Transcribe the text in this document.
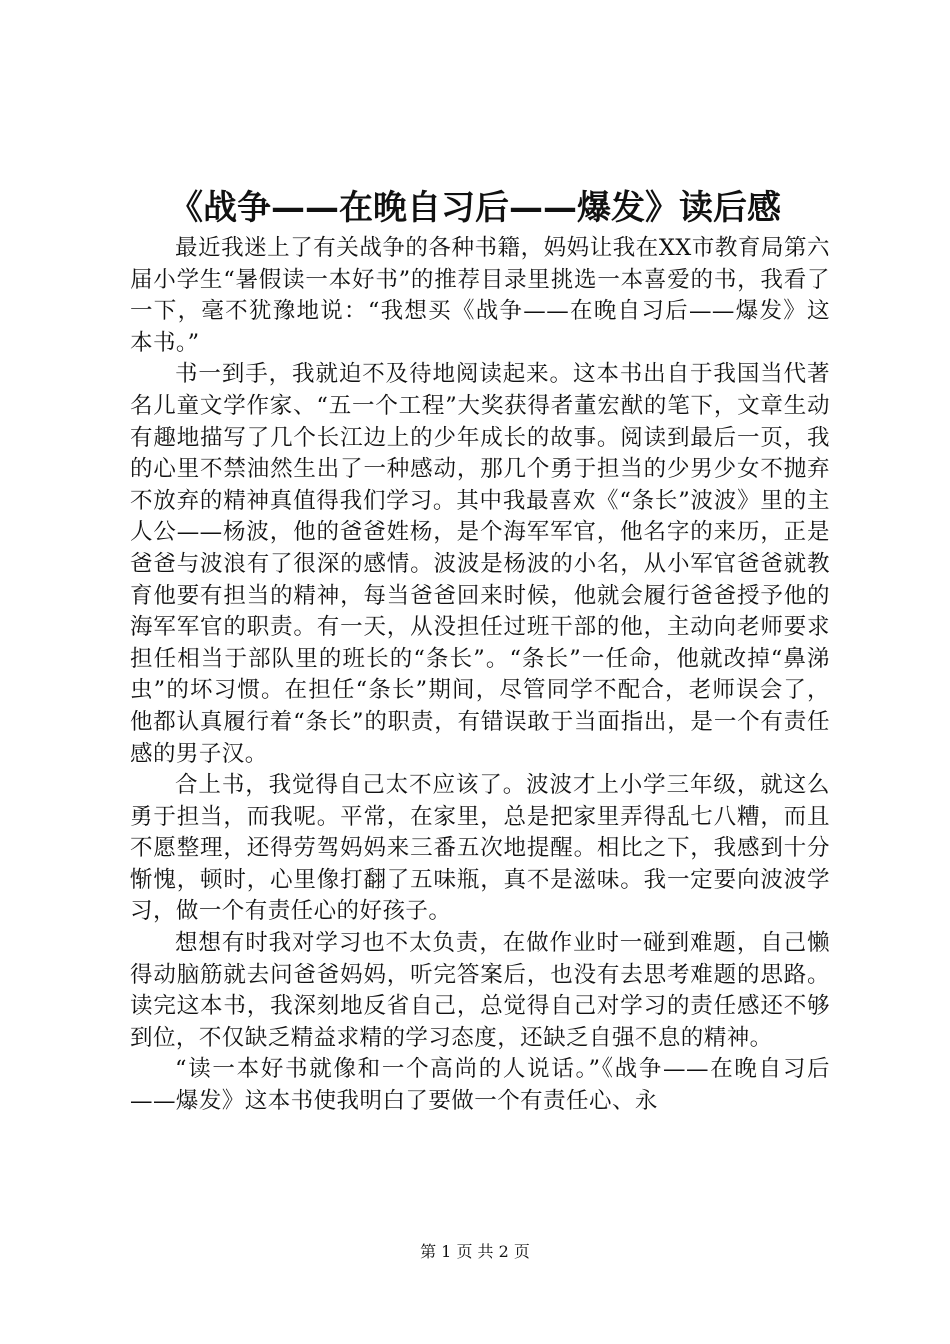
《战争——在晚自习后——爆发》读后感

最近我迷上了有关战争的各种书籍，妈妈让我在XX市教育局第六届小学生“暑假读一本好书”的推荐目录里挑选一本喜爱的书，我看了一下，毫不犹豫地说：“我想买《战争——在晚自习后——爆发》这本书。”

书一到手，我就迫不及待地阅读起来。这本书出自于我国当代著名儿童文学作家、“五一个工程”大奖获得者董宏猷的笔下，文章生动有趣地描写了几个长江边上的少年成长的故事。阅读到最后一页，我的心里不禁油然生出了一种感动，那几个勇于担当的少男少女不抛弃不放弃的精神真值得我们学习。其中我最喜欢《“条长”波波》里的主人公——杨波，他的爸爸姓杨，是个海军军官，他名字的来历，正是爸爸与波浪有了很深的感情。波波是杨波的小名，从小军官爸爸就教育他要有担当的精神，每当爸爸回来时候，他就会履行爸爸授予他的海军军官的职责。有一天，从没担任过班干部的他，主动向老师要求担任相当于部队里的班长的“条长”。“条长”一任命，他就改掉“鼻涕虫”的坏习惯。在担任“条长”期间，尽管同学不配合，老师误会了，他都认真履行着“条长”的职责，有错误敢于当面指出，是一个有责任感的男子汉。

合上书，我觉得自己太不应该了。波波才上小学三年级，就这么勇于担当，而我呢。平常，在家里，总是把家里弄得乱七八糟，而且不愿整理，还得劳驾妈妈来三番五次地提醒。相比之下，我感到十分惭愧，顿时，心里像打翻了五味瓶，真不是滋味。我一定要向波波学习，做一个有责任心的好孩子。

想想有时我对学习也不太负责，在做作业时一碰到难题，自己懒得动脑筋就去问爸爸妈妈，听完答案后，也没有去思考难题的思路。读完这本书，我深刻地反省自己，总觉得自己对学习的责任感还不够到位，不仅缺乏精益求精的学习态度，还缺乏自强不息的精神。

“读一本好书就像和一个高尚的人说话。”《战争——在晚自习后——爆发》这本书使我明白了要做一个有责任心、永

第 1 页 共 2 页
